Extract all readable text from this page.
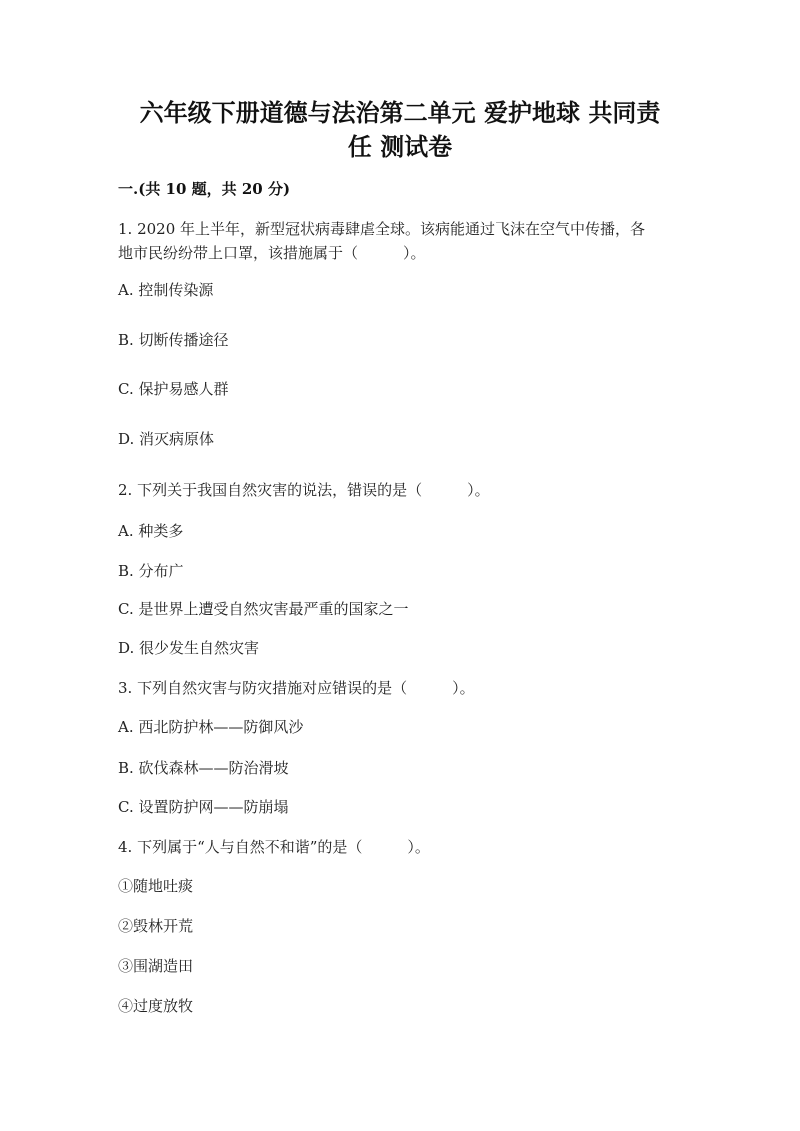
六年级下册道德与法治第二单元 爱护地球 共同责
任 测试卷
一.(共 10 题，共 20 分)
1. 2020 年上半年，新型冠状病毒肆虐全球。该病能通过飞沫在空气中传播，各
地市民纷纷带上口罩，该措施属于（　　　）。
A. 控制传染源
B. 切断传播途径
C. 保护易感人群
D. 消灭病原体
2. 下列关于我国自然灾害的说法，错误的是（　　　）。
A. 种类多
B. 分布广
C. 是世界上遭受自然灾害最严重的国家之一
D. 很少发生自然灾害
3. 下列自然灾害与防灾措施对应错误的是（　　　）。
A. 西北防护林——防御风沙
B. 砍伐森林——防治滑坡
C. 设置防护网——防崩塌
4. 下列属于“人与自然不和谐”的是（　　　）。
①随地吐痰
②毁林开荒
③围湖造田
④过度放牧
